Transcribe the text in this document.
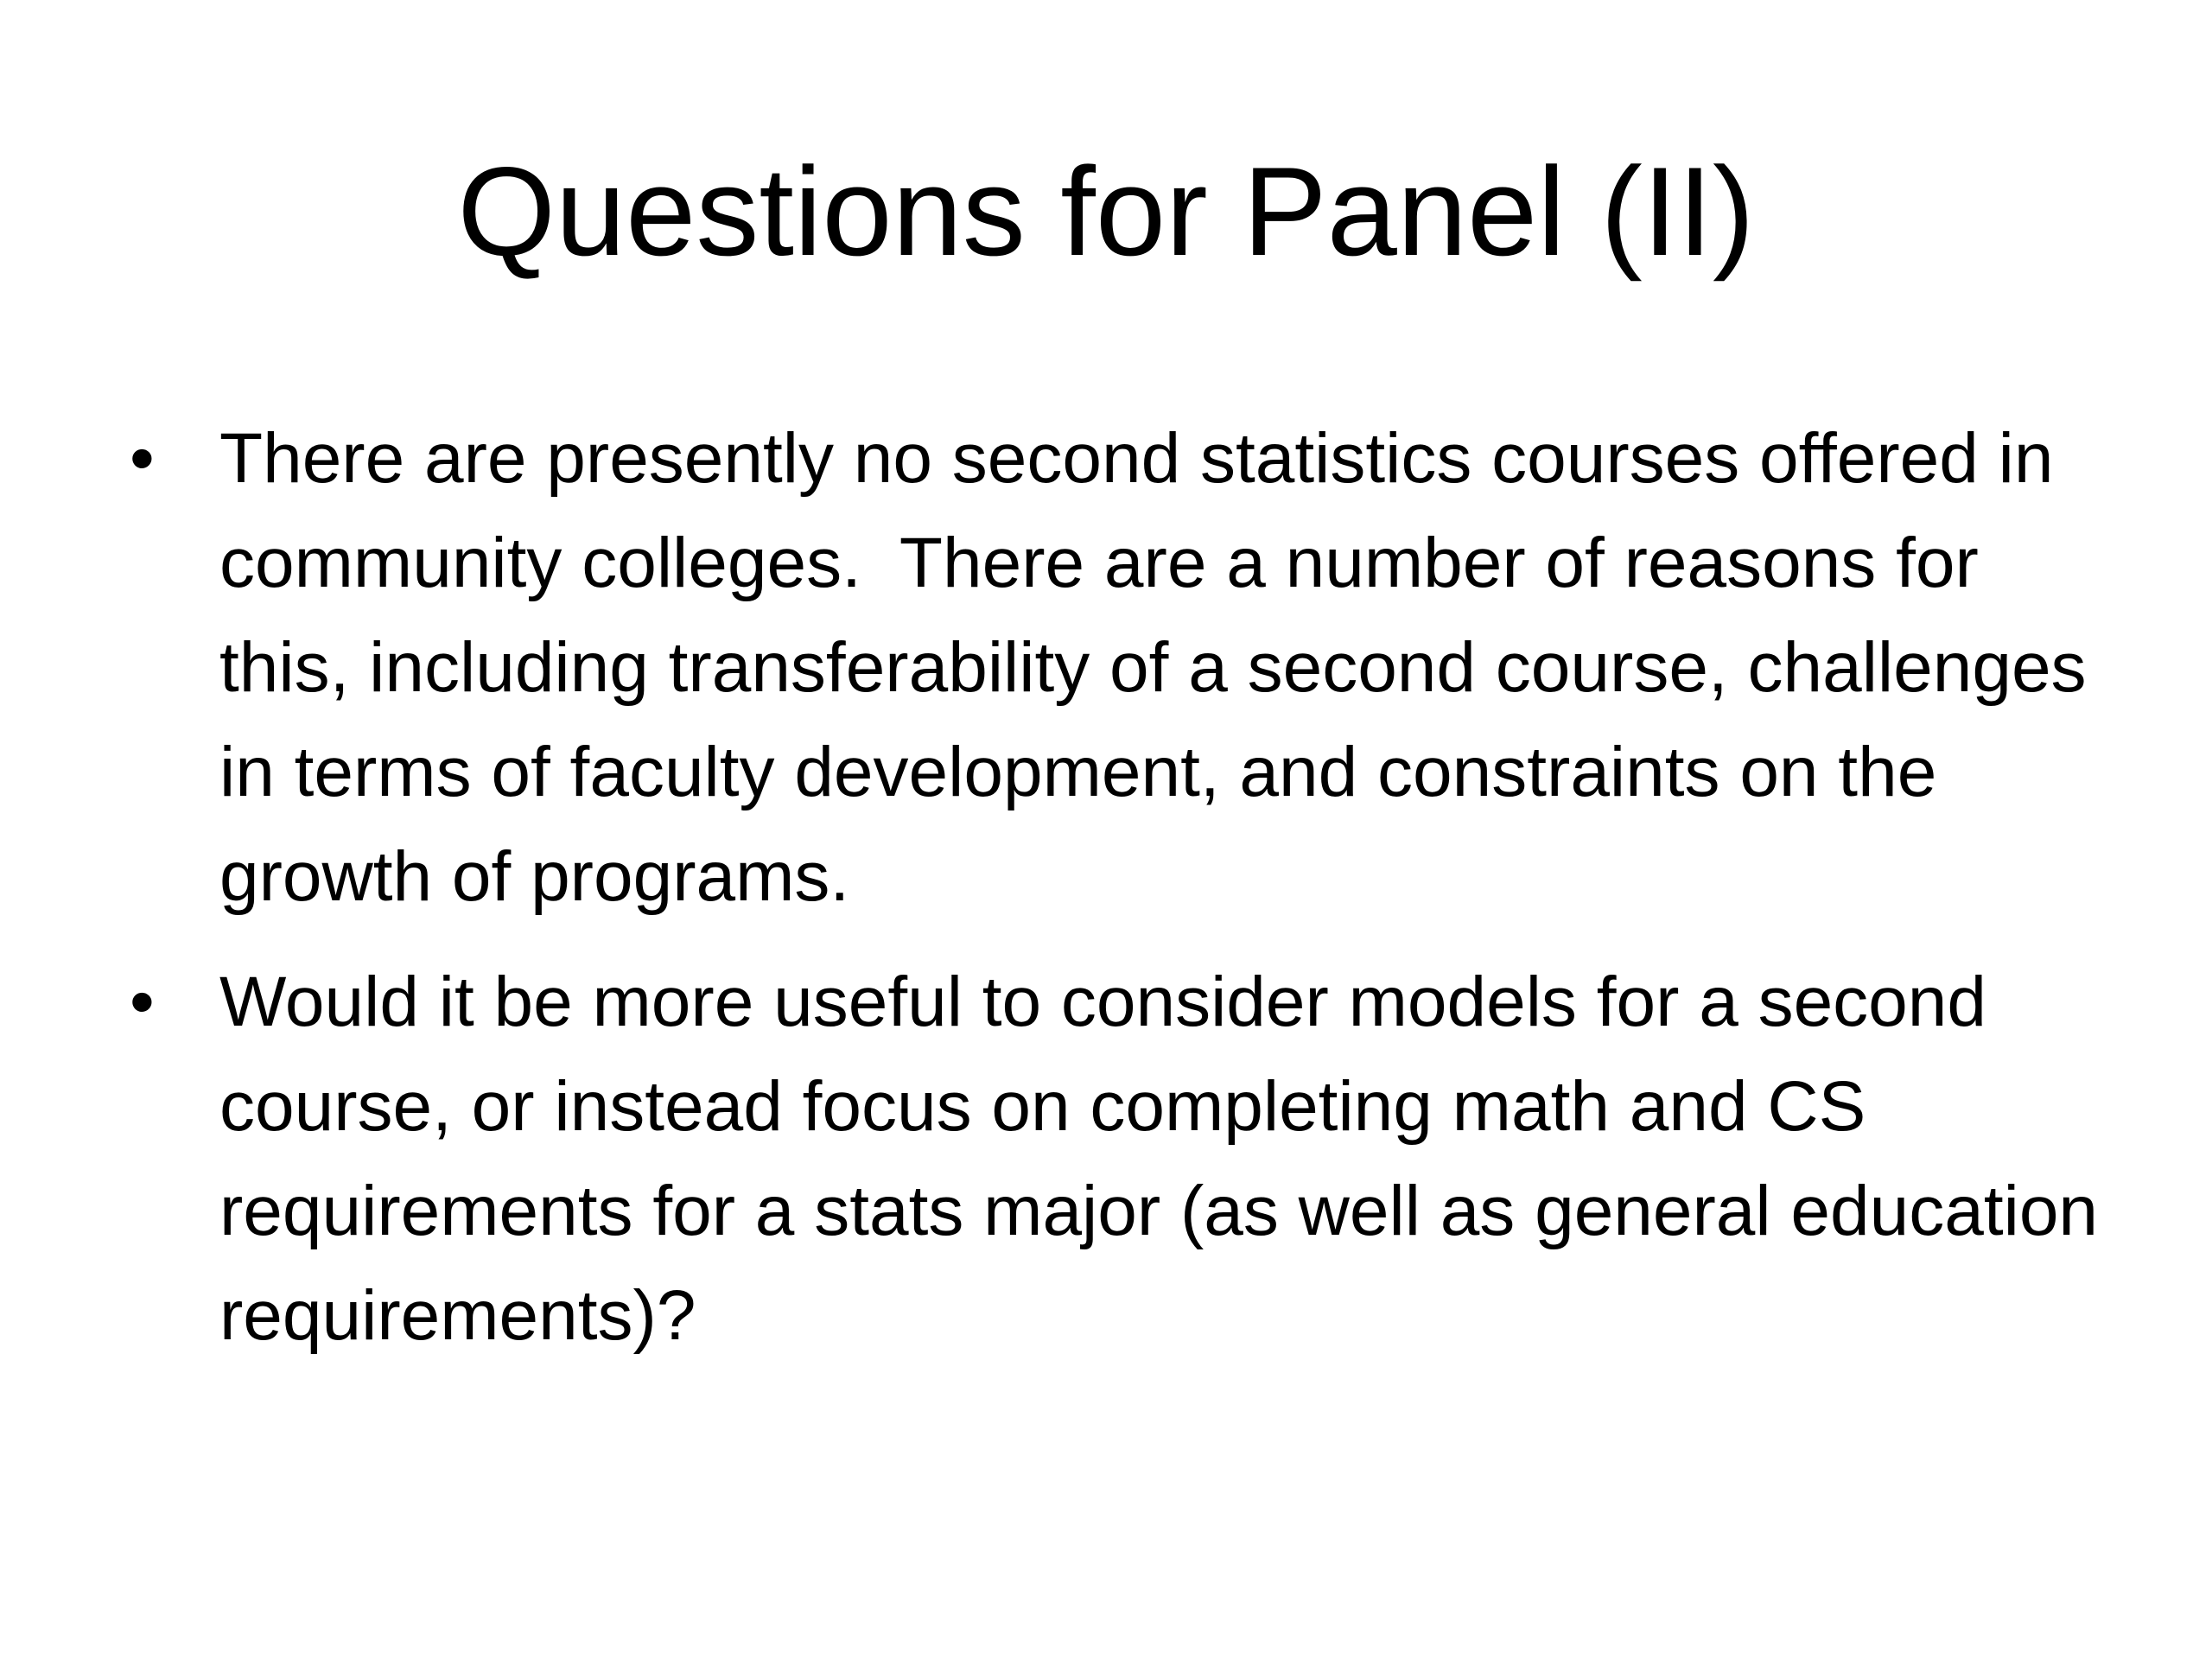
Questions for Panel (II)
• There are presently no second statistics courses offered in community colleges.  There are a number of reasons for this, including transferability of a second course, challenges in terms of faculty development, and constraints on the growth of programs.
• Would it be more useful to consider models for a second course, or instead focus on completing math and CS requirements for a stats major (as well as general education requirements)?
